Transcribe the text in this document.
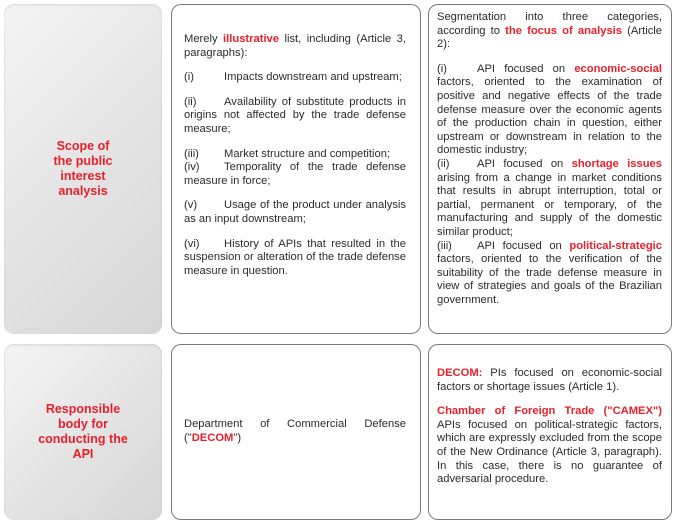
Scope of
the public
interest
analysis

Merely illustrative list, including (Article 3, paragraphs):

(i)	Impacts downstream and upstream;

(ii) Availability of substitute products in origins not affected by the trade defense measure;

(iii) Market structure and competition;

(iv) Temporality of the trade defense measure in force;

(v) Usage of the product under analysis as an input downstream;

(vi) History of APIs that resulted in the suspension or alteration of the trade defense measure in question.

Segmentation into three categories, according to the focus of analysis (Article 2):

(i)	API focused on economic-social factors, oriented to the examination of positive and negative effects of the trade defense measure over the economic agents of the production chain in question, either upstream or downstream in relation to the domestic industry;

(ii) API focused on shortage issues arising from a change in market conditions that results in abrupt interruption, total or partial, permanent or temporary, of the manufacturing and supply of the domestic similar product;

(iii) API focused on political-strategic factors, oriented to the verification of the suitability of the trade defense measure in view of strategies and goals of the Brazilian government.

Responsible
body for
conducting the
API

Department of Commercial Defense ("DECOM")

DECOM: PIs focused on economic-social factors or shortage issues (Article 1).

Chamber of Foreign Trade ("CAMEX") APIs focused on political-strategic factors, which are expressly excluded from the scope of the New Ordinance (Article 3, paragraph). In this case, there is no guarantee of adversarial procedure.
